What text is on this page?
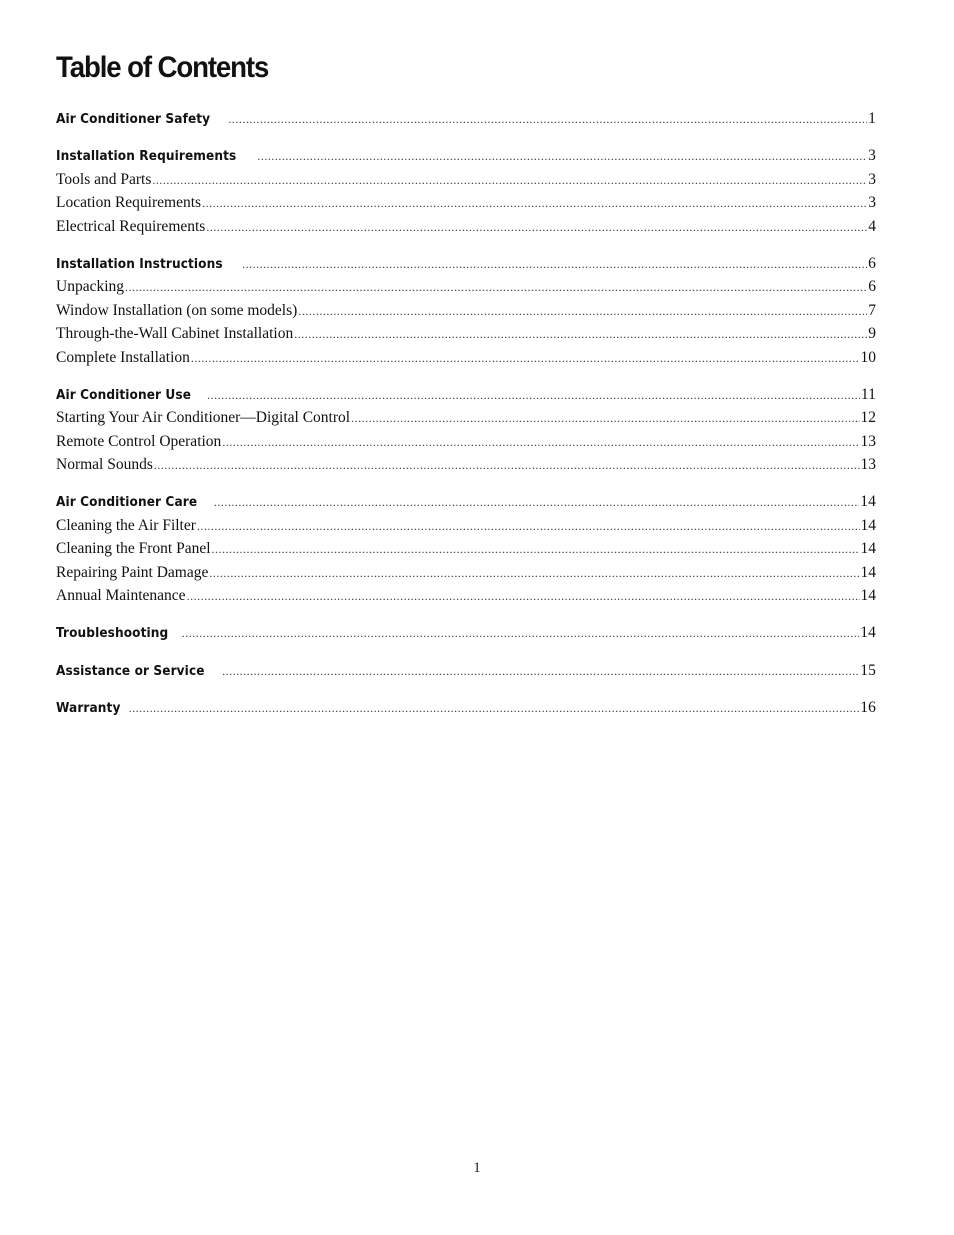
Table of Contents
Air Conditioner Safety .....	1
Installation Requirements .....	3
Tools and Parts .....	3
Location Requirements .....	3
Electrical Requirements .....	4
Installation Instructions .....	6
Unpacking .....	6
Window Installation (on some models) .....	7
Through-the-Wall Cabinet Installation .....	9
Complete Installation .....	10
Air Conditioner Use .....	11
Starting Your Air Conditioner—Digital Control .....	12
Remote Control Operation .....	13
Normal Sounds .....	13
Air Conditioner Care .....	14
Cleaning the Air Filter .....	14
Cleaning the Front Panel .....	14
Repairing Paint Damage .....	14
Annual Maintenance .....	14
Troubleshooting .....	14
Assistance or Service .....	15
Warranty .....	16
1
